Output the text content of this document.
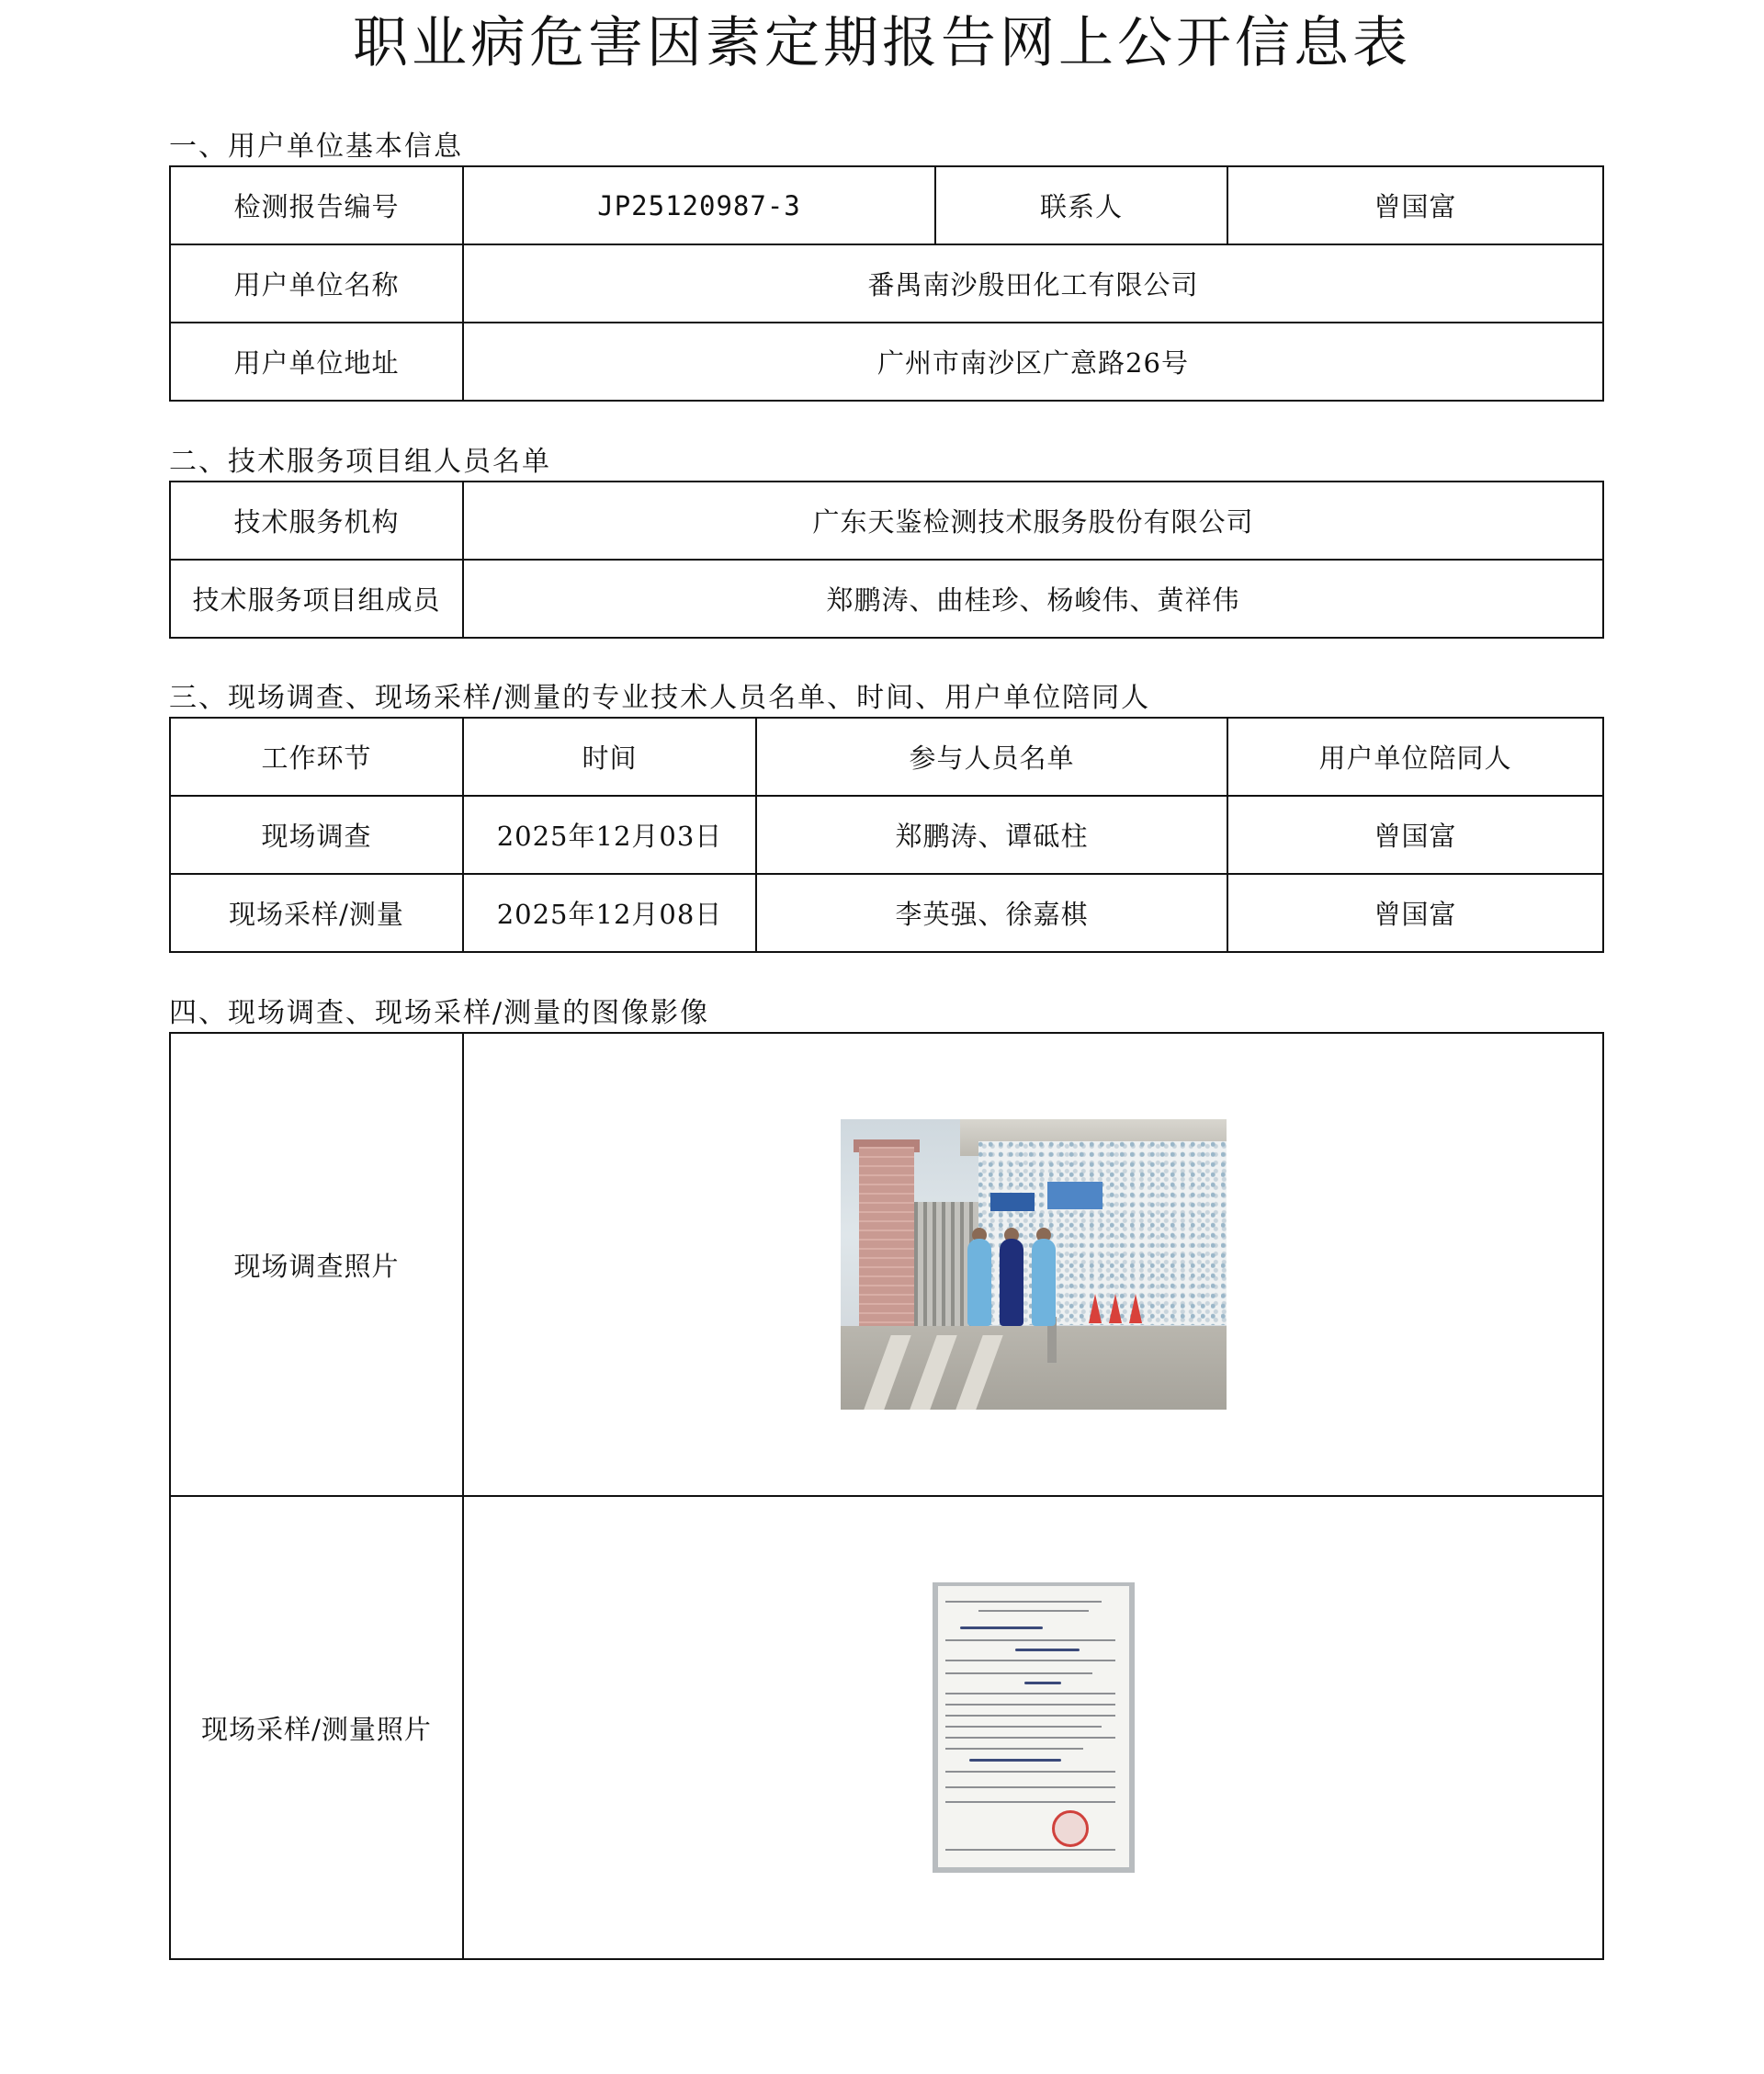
职业病危害因素定期报告网上公开信息表
一、用户单位基本信息
检测报告编号	JP25120987-3	联系人	曾国富
用户单位名称	番禺南沙殷田化工有限公司		
用户单位地址	广州市南沙区广意路26号		
二、技术服务项目组人员名单
技术服务机构	广东天鉴检测技术服务股份有限公司
技术服务项目组成员	郑鹏涛、曲桂珍、杨峻伟、黄祥伟
三、现场调查、现场采样/测量的专业技术人员名单、时间、用户单位陪同人
工作环节	时间	参与人员名单	用户单位陪同人
现场调查	2025年12月03日	郑鹏涛、谭砥柱	曾国富
现场采样/测量	2025年12月08日	李英强、徐嘉棋	曾国富
四、现场调查、现场采样/测量的图像影像
现场调查照片	

现场采样/测量照片	
